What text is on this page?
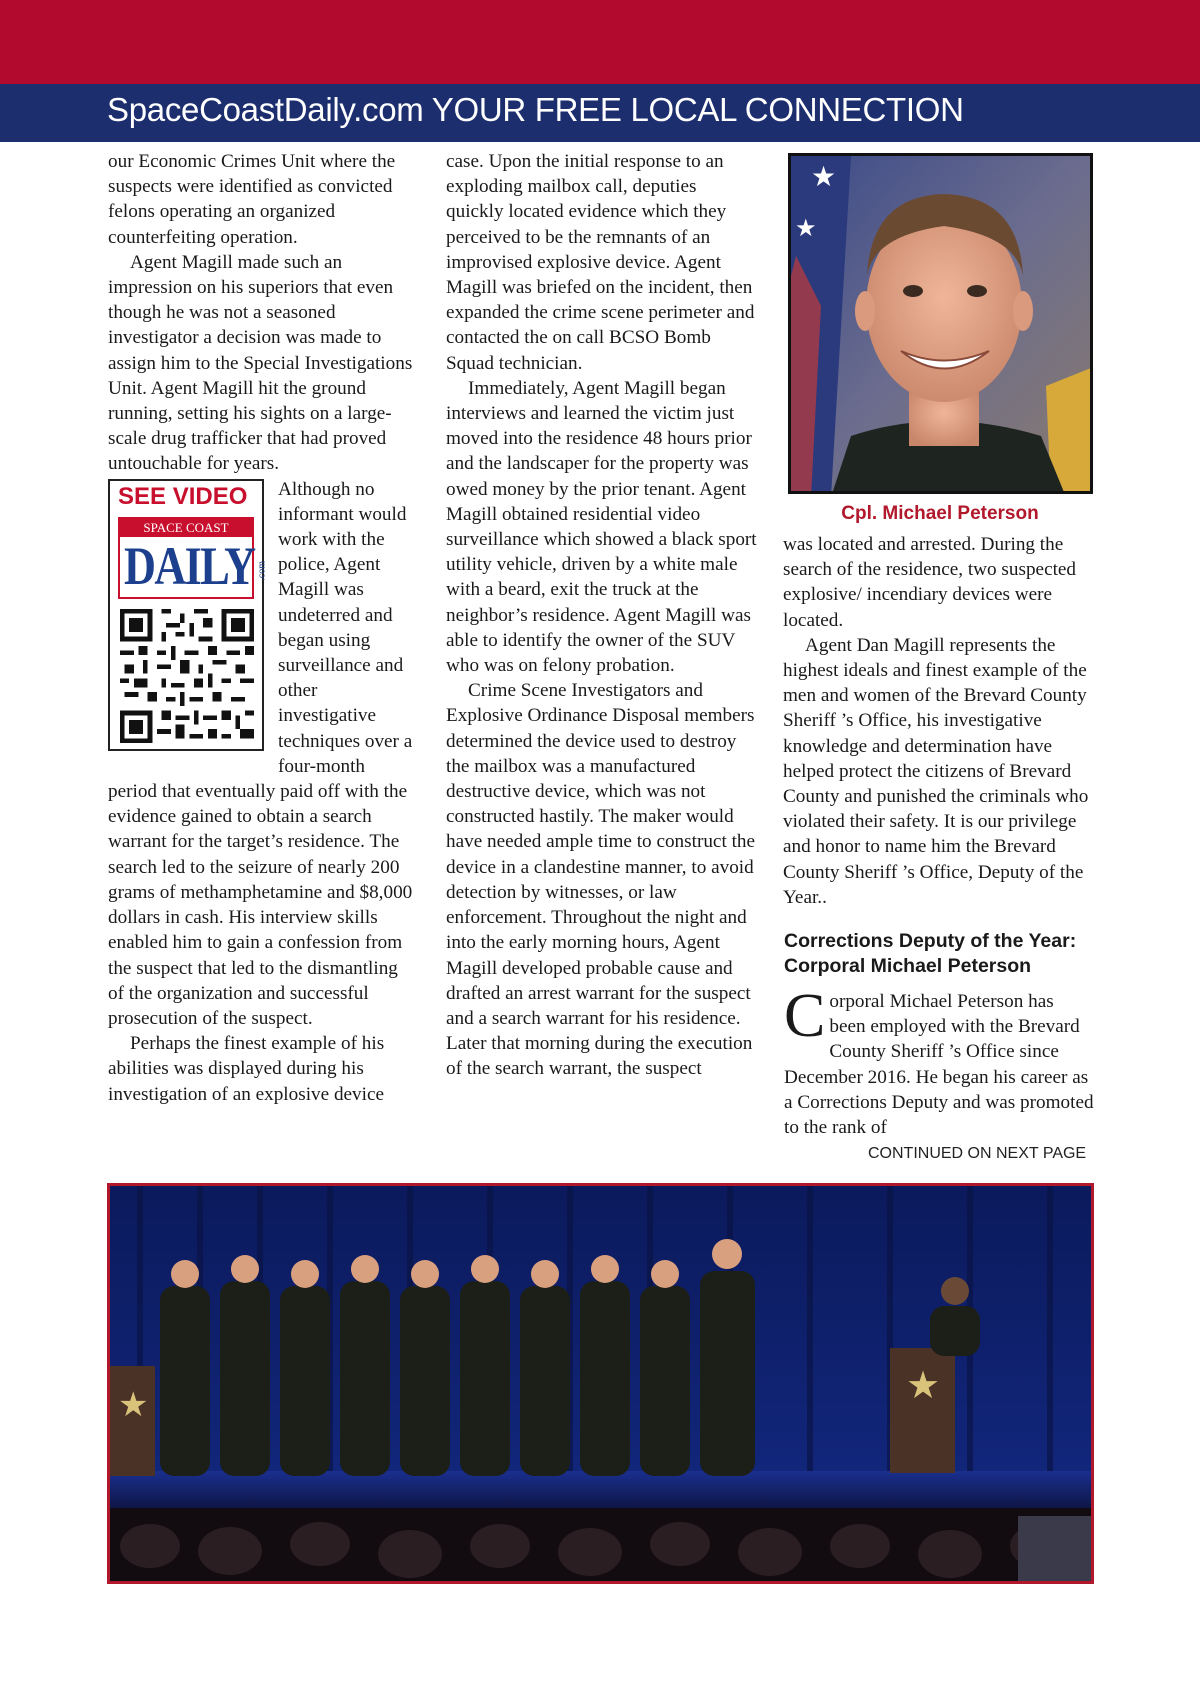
SpaceCoastDaily.com YOUR FREE LOCAL CONNECTION

our Economic Crimes Unit where the suspects were identified as convicted felons operating an organized counterfeiting operation.

Agent Magill made such an impression on his superiors that even though he was not a seasoned investigator a decision was made to assign him to the Special Investigations Unit. Agent Magill hit the ground running, setting his sights on a large-scale drug trafficker that had proved untouchable for years.

SEE VIDEO
SPACE COAST
DAILY .com

Although no informant would work with the police, Agent Magill was undeterred and began using surveillance and other investigative techniques over a four-month period that eventually paid off with the evidence gained to obtain a search warrant for the target’s residence. The search led to the seizure of nearly 200 grams of methamphetamine and $8,000 dollars in cash. His interview skills enabled him to gain a confession from the suspect that led to the dismantling of the organization and successful prosecution of the suspect.

Perhaps the finest example of his abilities was displayed during his investigation of an explosive device

case. Upon the initial response to an exploding mailbox call, deputies quickly located evidence which they perceived to be the remnants of an improvised explosive device. Agent Magill was briefed on the incident, then expanded the crime scene perimeter and contacted the on call BCSO Bomb Squad technician.

Immediately, Agent Magill began interviews and learned the victim just moved into the residence 48 hours prior and the landscaper for the property was owed money by the prior tenant. Agent Magill obtained residential video surveillance which showed a black sport utility vehicle, driven by a white male with a beard, exit the truck at the neighbor’s residence. Agent Magill was able to identify the owner of the SUV who was on felony probation.

Crime Scene Investigators and Explosive Ordinance Disposal members determined the device used to destroy the mailbox was a manufactured destructive device, which was not constructed hastily. The maker would have needed ample time to construct the device in a clandestine manner, to avoid detection by witnesses, or law enforcement. Throughout the night and into the early morning hours, Agent Magill developed probable cause and drafted an arrest warrant for the suspect and a search warrant for his residence. Later that morning during the execution of the search warrant, the suspect

★
★
Cpl. Michael Peterson

was located and arrested. During the search of the residence, two suspected explosive/ incendiary devices were located.

Agent Dan Magill represents the highest ideals and finest example of the men and women of the Brevard County Sheriff ’s Office, his investigative knowledge and determination have helped protect the citizens of Brevard County and punished the criminals who violated their safety. It is our privilege and honor to name him the Brevard County Sheriff ’s Office, Deputy of the Year..

Corrections Deputy of the Year:
Corporal Michael Peterson
Corporal Michael Peterson has been employed with the Brevard County Sheriff ’s Office since December 2016. He began his career as a Corrections Deputy and was promoted to the rank of
CONTINUED ON NEXT PAGE
★	★
